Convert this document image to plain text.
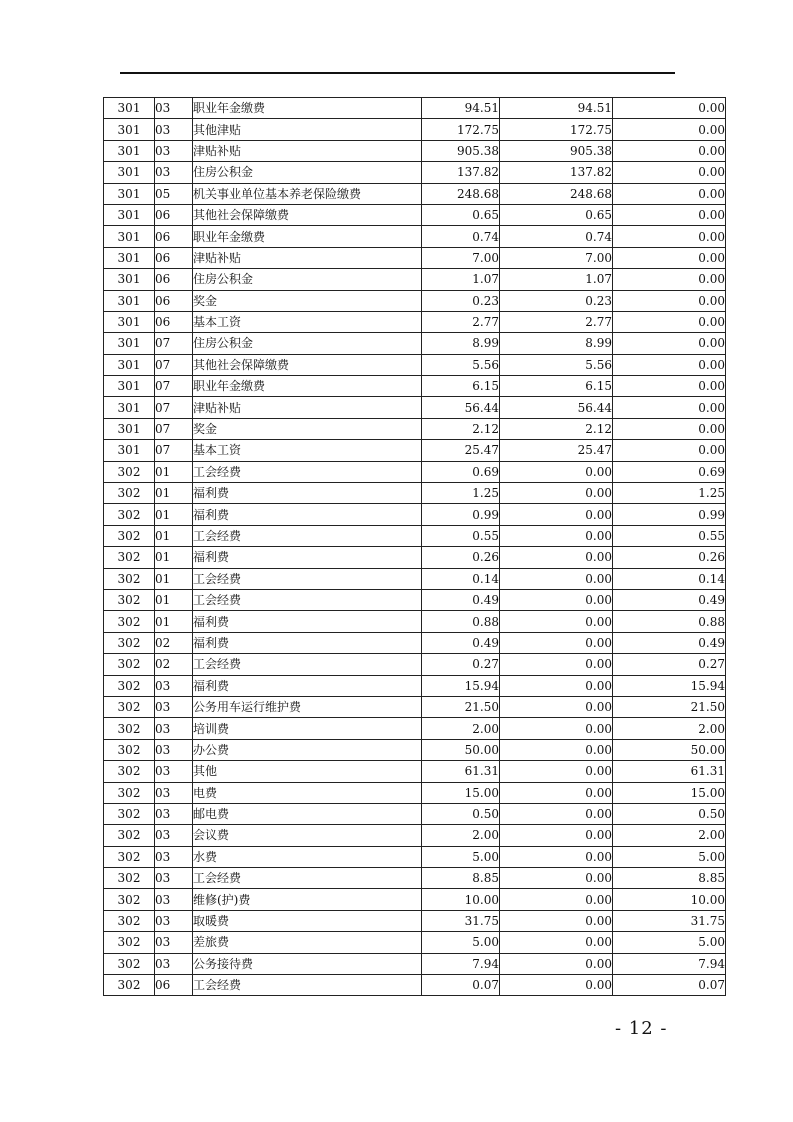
301	03	职业年金缴费	94.51	94.51	0.00
301	03	其他津贴	172.75	172.75	0.00
301	03	津贴补贴	905.38	905.38	0.00
301	03	住房公积金	137.82	137.82	0.00
301	05	机关事业单位基本养老保险缴费	248.68	248.68	0.00
301	06	其他社会保障缴费	0.65	0.65	0.00
301	06	职业年金缴费	0.74	0.74	0.00
301	06	津贴补贴	7.00	7.00	0.00
301	06	住房公积金	1.07	1.07	0.00
301	06	奖金	0.23	0.23	0.00
301	06	基本工资	2.77	2.77	0.00
301	07	住房公积金	8.99	8.99	0.00
301	07	其他社会保障缴费	5.56	5.56	0.00
301	07	职业年金缴费	6.15	6.15	0.00
301	07	津贴补贴	56.44	56.44	0.00
301	07	奖金	2.12	2.12	0.00
301	07	基本工资	25.47	25.47	0.00
302	01	工会经费	0.69	0.00	0.69
302	01	福利费	1.25	0.00	1.25
302	01	福利费	0.99	0.00	0.99
302	01	工会经费	0.55	0.00	0.55
302	01	福利费	0.26	0.00	0.26
302	01	工会经费	0.14	0.00	0.14
302	01	工会经费	0.49	0.00	0.49
302	01	福利费	0.88	0.00	0.88
302	02	福利费	0.49	0.00	0.49
302	02	工会经费	0.27	0.00	0.27
302	03	福利费	15.94	0.00	15.94
302	03	公务用车运行维护费	21.50	0.00	21.50
302	03	培训费	2.00	0.00	2.00
302	03	办公费	50.00	0.00	50.00
302	03	其他	61.31	0.00	61.31
302	03	电费	15.00	0.00	15.00
302	03	邮电费	0.50	0.00	0.50
302	03	会议费	2.00	0.00	2.00
302	03	水费	5.00	0.00	5.00
302	03	工会经费	8.85	0.00	8.85
302	03	维修(护)费	10.00	0.00	10.00
302	03	取暖费	31.75	0.00	31.75
302	03	差旅费	5.00	0.00	5.00
302	03	公务接待费	7.94	0.00	7.94
302	06	工会经费	0.07	0.00	0.07
- 12 -
